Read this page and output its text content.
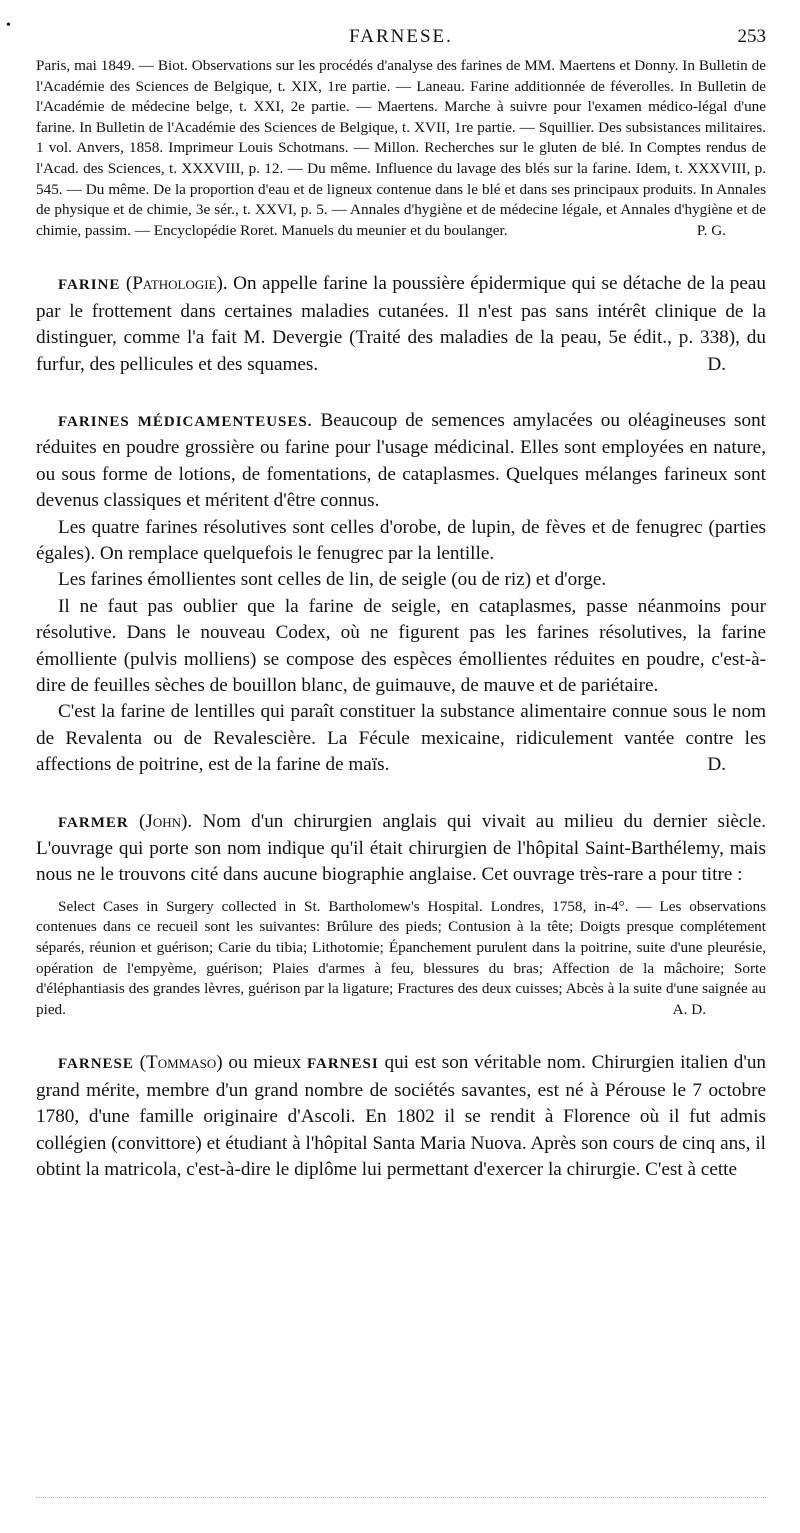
•
FARNESE.	253

Paris, mai 1849. — Biot. Observations sur les procédés d'analyse des farines de MM. Maertens et Donny. In Bulletin de l'Académie des Sciences de Belgique, t. XIX, 1re partie. — Laneau. Farine additionnée de féverolles. In Bulletin de l'Académie de médecine belge, t. XXI, 2e partie. — Maertens. Marche à suivre pour l'examen médico-légal d'une farine. In Bulletin de l'Académie des Sciences de Belgique, t. XVII, 1re partie. — Squillier. Des subsistances militaires. 1 vol. Anvers, 1858. Imprimeur Louis Schotmans. — Millon. Recherches sur le gluten de blé. In Comptes rendus de l'Acad. des Sciences, t. XXXVIII, p. 12. — Du même. Influence du lavage des blés sur la farine. Idem, t. XXXVIII, p. 545. — Du même. De la proportion d'eau et de ligneux contenue dans le blé et dans ses principaux produits. In Annales de physique et de chimie, 3e sér., t. XXVI, p. 5. — Annales d'hygiène et de médecine légale, et Annales d'hygiène et de chimie, passim. — Encyclopédie Roret. Manuels du meunier et du boulanger.	P. G.

FARINE (Pathologie). On appelle farine la poussière épidermique qui se détache de la peau par le frottement dans certaines maladies cutanées. Il n'est pas sans intérêt clinique de la distinguer, comme l'a fait M. Devergie (Traité des maladies de la peau, 5e édit., p. 338), du furfur, des pellicules et des squames.	D.

FARINES MÉDICAMENTEUSES. Beaucoup de semences amylacées ou oléagineuses sont réduites en poudre grossière ou farine pour l'usage médicinal. Elles sont employées en nature, ou sous forme de lotions, de fomentations, de cataplasmes. Quelques mélanges farineux sont devenus classiques et méritent d'être connus.

Les quatre farines résolutives sont celles d'orobe, de lupin, de fèves et de fenugrec (parties égales). On remplace quelquefois le fenugrec par la lentille.

Les farines émollientes sont celles de lin, de seigle (ou de riz) et d'orge.

Il ne faut pas oublier que la farine de seigle, en cataplasmes, passe néanmoins pour résolutive. Dans le nouveau Codex, où ne figurent pas les farines résolutives, la farine émolliente (pulvis molliens) se compose des espèces émollientes réduites en poudre, c'est-à-dire de feuilles sèches de bouillon blanc, de guimauve, de mauve et de pariétaire.

C'est la farine de lentilles qui paraît constituer la substance alimentaire connue sous le nom de Revalenta ou de Revalescière. La Fécule mexicaine, ridiculement vantée contre les affections de poitrine, est de la farine de maïs.	D.

FARMER (John). Nom d'un chirurgien anglais qui vivait au milieu du dernier siècle. L'ouvrage qui porte son nom indique qu'il était chirurgien de l'hôpital Saint-Barthélemy, mais nous ne le trouvons cité dans aucune biographie anglaise. Cet ouvrage très-rare a pour titre :

Select Cases in Surgery collected in St. Bartholomew's Hospital. Londres, 1758, in-4°. — Les observations contenues dans ce recueil sont les suivantes: Brûlure des pieds; Contusion à la tête; Doigts presque complétement séparés, réunion et guérison; Carie du tibia; Lithotomie; Épanchement purulent dans la poitrine, suite d'une pleurésie, opération de l'empyème, guérison; Plaies d'armes à feu, blessures du bras; Affection de la mâchoire; Sorte d'éléphantiasis des grandes lèvres, guérison par la ligature; Fractures des deux cuisses; Abcès à la suite d'une saignée au pied.	A. D.

FARNESE (Tommaso) ou mieux FARNESI qui est son véritable nom. Chirurgien italien d'un grand mérite, membre d'un grand nombre de sociétés savantes, est né à Pérouse le 7 octobre 1780, d'une famille originaire d'Ascoli. En 1802 il se rendit à Florence où il fut admis collégien (convittore) et étudiant à l'hôpital Santa Maria Nuova. Après son cours de cinq ans, il obtint la matricola, c'est-à-dire le diplôme lui permettant d'exercer la chirurgie. C'est à cette
